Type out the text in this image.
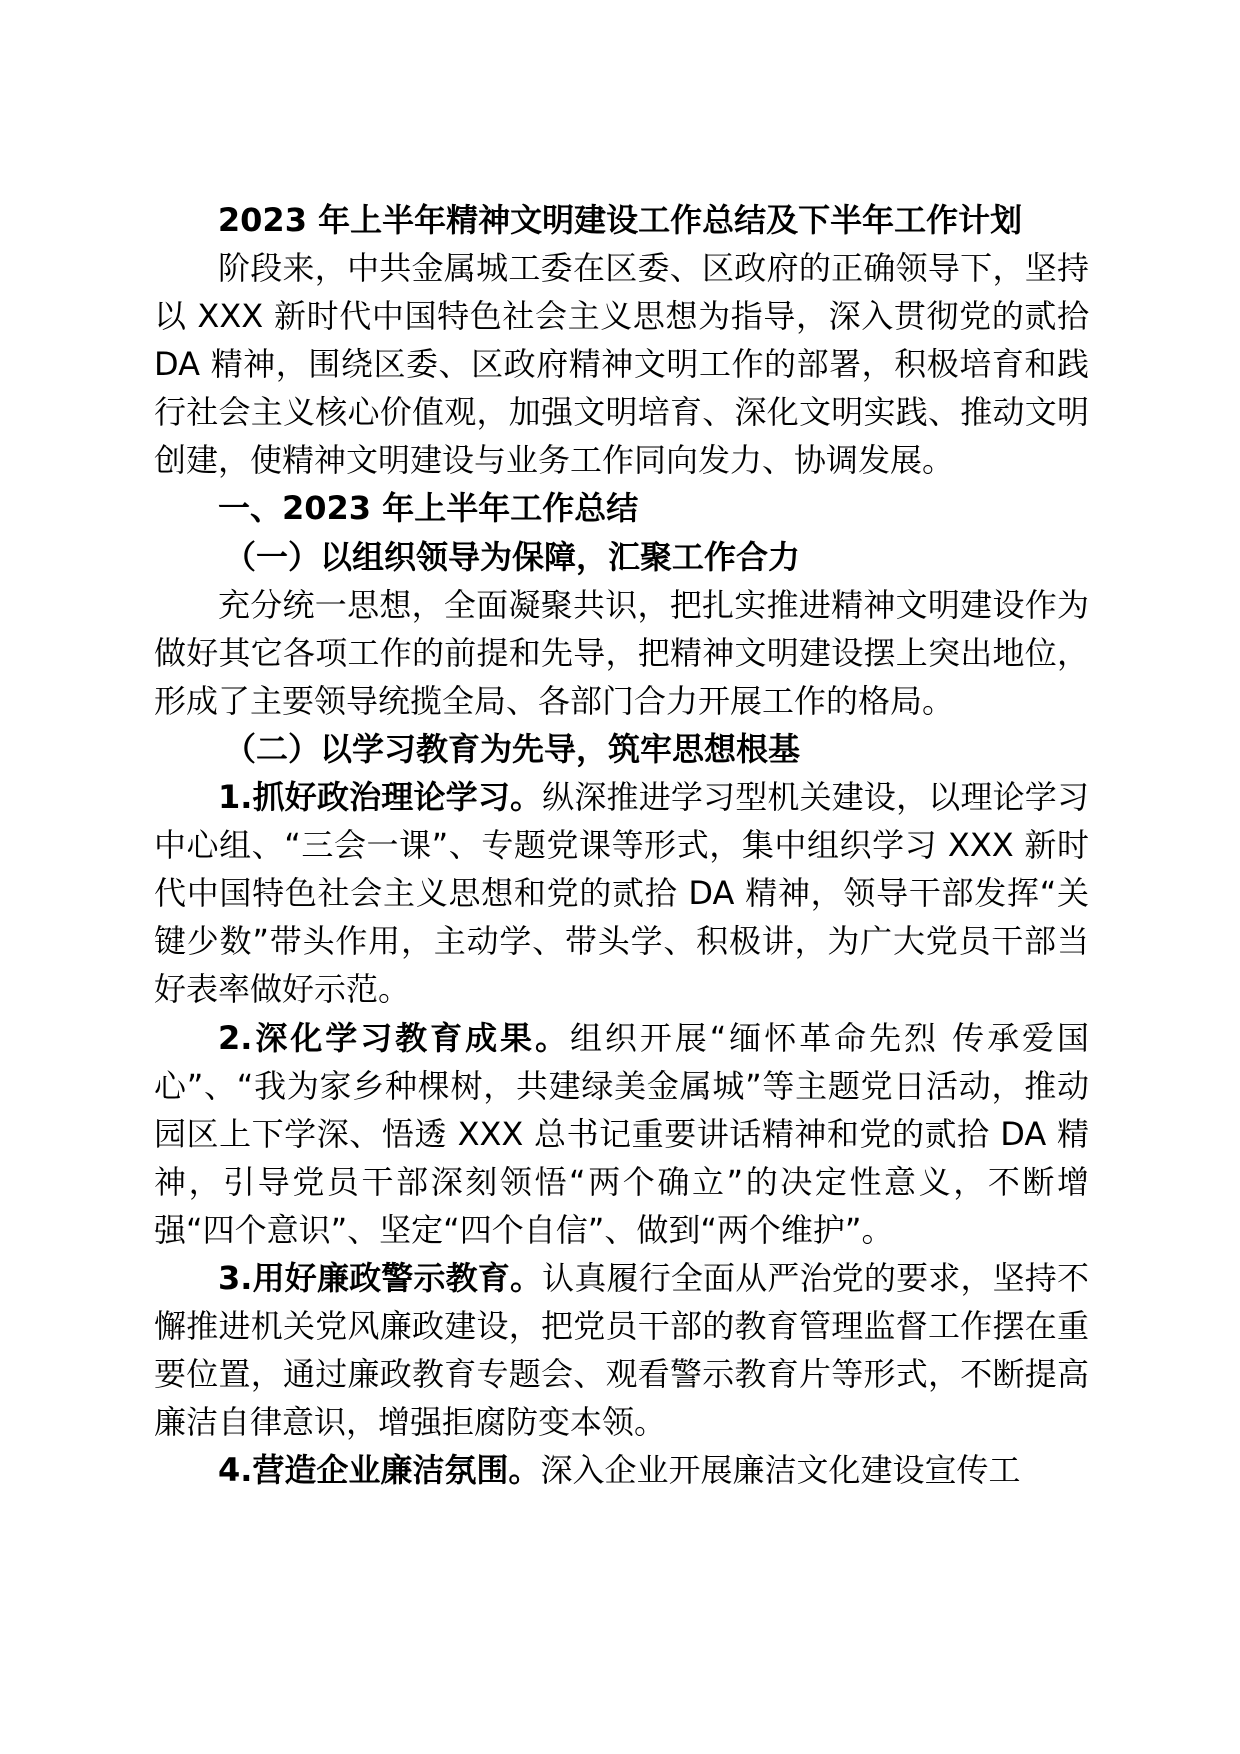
2023 年上半年精神文明建设工作总结及下半年工作计划

阶段来，中共金属城工委在区委、区政府的正确领导下，坚持以 XXX 新时代中国特色社会主义思想为指导，深入贯彻党的贰拾 DA 精神，围绕区委、区政府精神文明工作的部署，积极培育和践行社会主义核心价值观，加强文明培育、深化文明实践、推动文明创建，使精神文明建设与业务工作同向发力、协调发展。

一、2023 年上半年工作总结

（一）以组织领导为保障，汇聚工作合力

充分统一思想，全面凝聚共识，把扎实推进精神文明建设作为做好其它各项工作的前提和先导，把精神文明建设摆上突出地位，形成了主要领导统揽全局、各部门合力开展工作的格局。

（二）以学习教育为先导，筑牢思想根基

1.抓好政治理论学习。纵深推进学习型机关建设，以理论学习中心组、“三会一课”、专题党课等形式，集中组织学习 XXX 新时代中国特色社会主义思想和党的贰拾 DA 精神，领导干部发挥“关键少数”带头作用，主动学、带头学、积极讲，为广大党员干部当好表率做好示范。

2.深化学习教育成果。组织开展“缅怀革命先烈 传承爱国心”、“我为家乡种棵树，共建绿美金属城”等主题党日活动，推动园区上下学深、悟透 XXX 总书记重要讲话精神和党的贰拾 DA 精神，引导党员干部深刻领悟“两个确立”的决定性意义，不断增强“四个意识”、坚定“四个自信”、做到“两个维护”。

3.用好廉政警示教育。认真履行全面从严治党的要求，坚持不懈推进机关党风廉政建设，把党员干部的教育管理监督工作摆在重要位置，通过廉政教育专题会、观看警示教育片等形式，不断提高廉洁自律意识，增强拒腐防变本领。

4.营造企业廉洁氛围。深入企业开展廉洁文化建设宣传工
